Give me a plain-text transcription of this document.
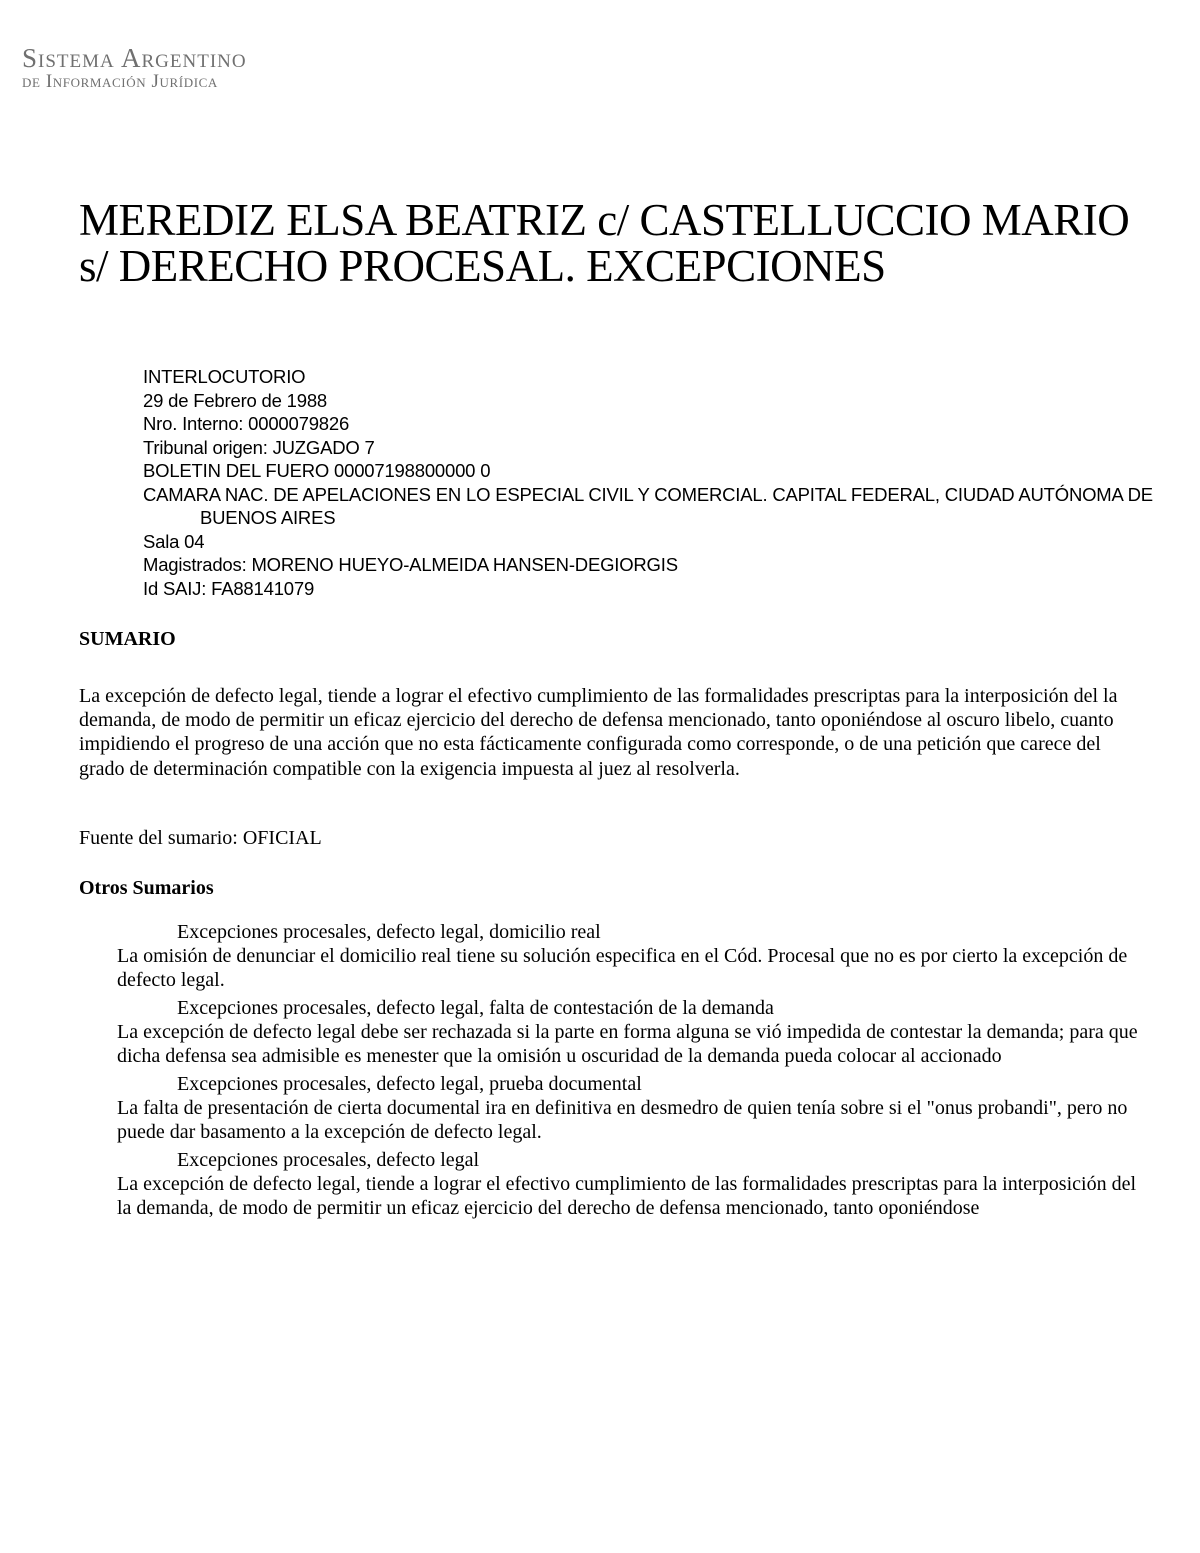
Sistema Argentino
de Información Jurídica
MEREDIZ ELSA BEATRIZ c/ CASTELLUCCIO MARIO s/ DERECHO PROCESAL. EXCEPCIONES
INTERLOCUTORIO
29 de Febrero de 1988
Nro. Interno: 0000079826
Tribunal origen: JUZGADO 7
BOLETIN DEL FUERO 00007198800000 0
CAMARA NAC. DE APELACIONES EN LO ESPECIAL CIVIL Y COMERCIAL. CAPITAL FEDERAL, CIUDAD AUTÓNOMA DE BUENOS AIRES
Sala 04
Magistrados: MORENO HUEYO-ALMEIDA HANSEN-DEGIORGIS
Id SAIJ: FA88141079
SUMARIO

La excepción de defecto legal, tiende a lograr el efectivo cumplimiento de las formalidades prescriptas para la interposición del la demanda, de modo de permitir un eficaz ejercicio del derecho de defensa mencionado, tanto oponiéndose al oscuro libelo, cuanto impidiendo el progreso de una acción que no esta fácticamente configurada como corresponde, o de una petición que carece del grado de determinación compatible con la exigencia impuesta al juez al resolverla.

Fuente del sumario: OFICIAL

Otros Sumarios
Excepciones procesales, defecto legal, domicilio real
La omisión de denunciar el domicilio real tiene su solución especifica en el Cód. Procesal que no es por cierto la excepción de defecto legal.
Excepciones procesales, defecto legal, falta de contestación de la demanda
La excepción de defecto legal debe ser rechazada si la parte en forma alguna se vió impedida de contestar la demanda; para que dicha defensa sea admisible es menester que la omisión u oscuridad de la demanda pueda colocar al accionado
Excepciones procesales, defecto legal, prueba documental
La falta de presentación de cierta documental ira en definitiva en desmedro de quien tenía sobre si el "onus probandi", pero no puede dar basamento a la excepción de defecto legal.
Excepciones procesales, defecto legal
La excepción de defecto legal, tiende a lograr el efectivo cumplimiento de las formalidades prescriptas para la interposición del la demanda, de modo de permitir un eficaz ejercicio del derecho de defensa mencionado, tanto oponiéndose
